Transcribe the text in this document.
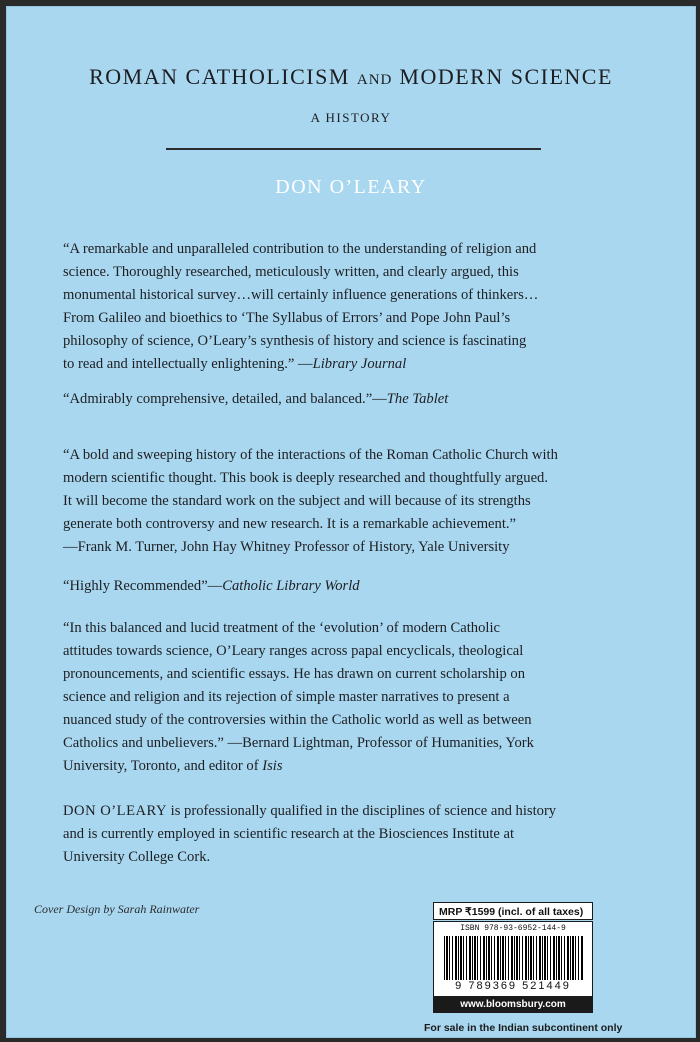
ROMAN CATHOLICISM AND MODERN SCIENCE
A HISTORY
DON O’LEARY
“A remarkable and unparalleled contribution to the understanding of religion and
science. Thoroughly researched, meticulously written, and clearly argued, this
monumental historical survey…will certainly influence generations of thinkers…
From Galileo and bioethics to ‘The Syllabus of Errors’ and Pope John Paul’s
philosophy of science, O’Leary’s synthesis of history and science is fascinating
to read and intellectually enlightening.” —Library Journal
“Admirably comprehensive, detailed, and balanced.”—The Tablet
“A bold and sweeping history of the interactions of the Roman Catholic Church with
modern scientific thought. This book is deeply researched and thoughtfully argued.
It will become the standard work on the subject and will because of its strengths
generate both controversy and new research. It is a remarkable achievement.”
—Frank M. Turner, John Hay Whitney Professor of History, Yale University
“Highly Recommended”—Catholic Library World
“In this balanced and lucid treatment of the ‘evolution’ of modern Catholic
attitudes towards science, O’Leary ranges across papal encyclicals, theological
pronouncements, and scientific essays. He has drawn on current scholarship on
science and religion and its rejection of simple master narratives to present a
nuanced study of the controversies within the Catholic world as well as between
Catholics and unbelievers.” —Bernard Lightman, Professor of Humanities, York
University, Toronto, and editor of Isis
DON O’LEARY is professionally qualified in the disciplines of science and history
and is currently employed in scientific research at the Biosciences Institute at
University College Cork.
Cover Design by Sarah Rainwater	MRP ₹1599 (incl. of all taxes)
ISBN 978-93-6952-144-9
9 789369 521449
www.bloomsbury.com
For sale in the Indian subcontinent only
